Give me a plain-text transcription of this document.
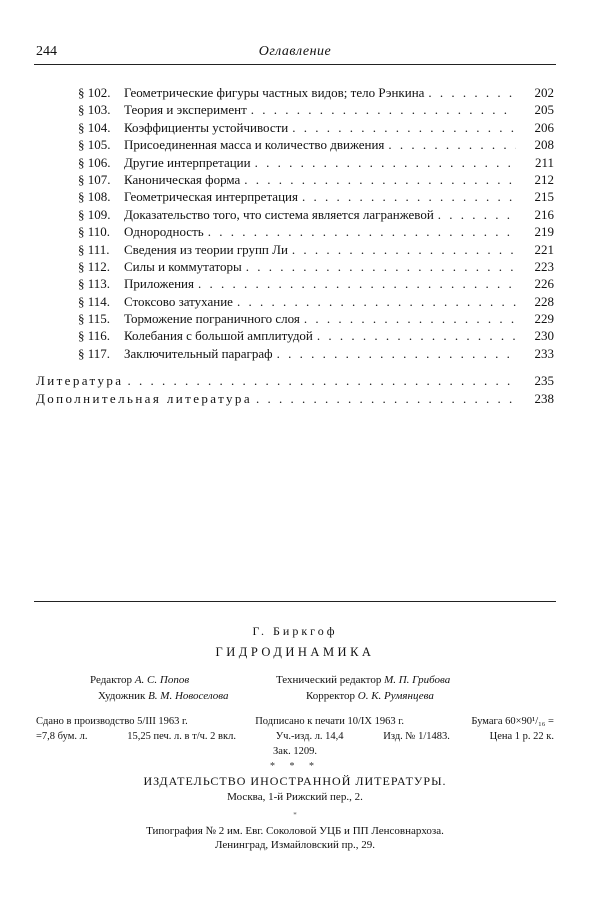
244	Оглавление
§ 102.	Геометрические фигуры частных видов; тело Рэнкина . . .	202
§ 103.	Теория и эксперимент . . .	205
§ 104.	Коэффициенты устойчивости . . .	206
§ 105.	Присоединенная масса и количество движения . . .	208
§ 106.	Другие интерпретации . . .	211
§ 107.	Каноническая форма . . .	212
§ 108.	Геометрическая интерпретация . . .	215
§ 109.	Доказательство того, что система является лагранжевой . . .	216
§ 110.	Однородность . . .	219
§ 111.	Сведения из теории групп Ли . . .	221
§ 112.	Силы и коммутаторы . . .	223
§ 113.	Приложения . . .	226
§ 114.	Стоксово затухание . . .	228
§ 115.	Торможение пограничного слоя . . .	229
§ 116.	Колебания с большой амплитудой . . .	230
§ 117.	Заключительный параграф . . .	233
Литература . . .	235
Дополнительная литература . . .	238
Г. Биркгоф
ГИДРОДИНАМИКА
Редактор А. С. Попов	Технический редактор М. П. Грибова
Художник В. М. Новоселова	Корректор О. К. Румянцева
Сдано в производство 5/III 1963 г.	Подписано к печати 10/IX 1963 г.	Бумага 60×90¹/₁₆ =
=7,8 бум. л.	15,25 печ. л. в т/ч. 2 вкл.	Уч.-изд. л. 14,4	Изд. № 1/1483.	Цена 1 р. 22 к.
Зак. 1209.
* * *
ИЗДАТЕЛЬСТВО ИНОСТРАННОЙ ЛИТЕРАТУРЫ.
Москва, 1-й Рижский пер., 2.
*
Типография № 2 им. Евг. Соколовой УЦБ и ПП Ленсовнархоза.
Ленинград, Измайловский пр., 29.
